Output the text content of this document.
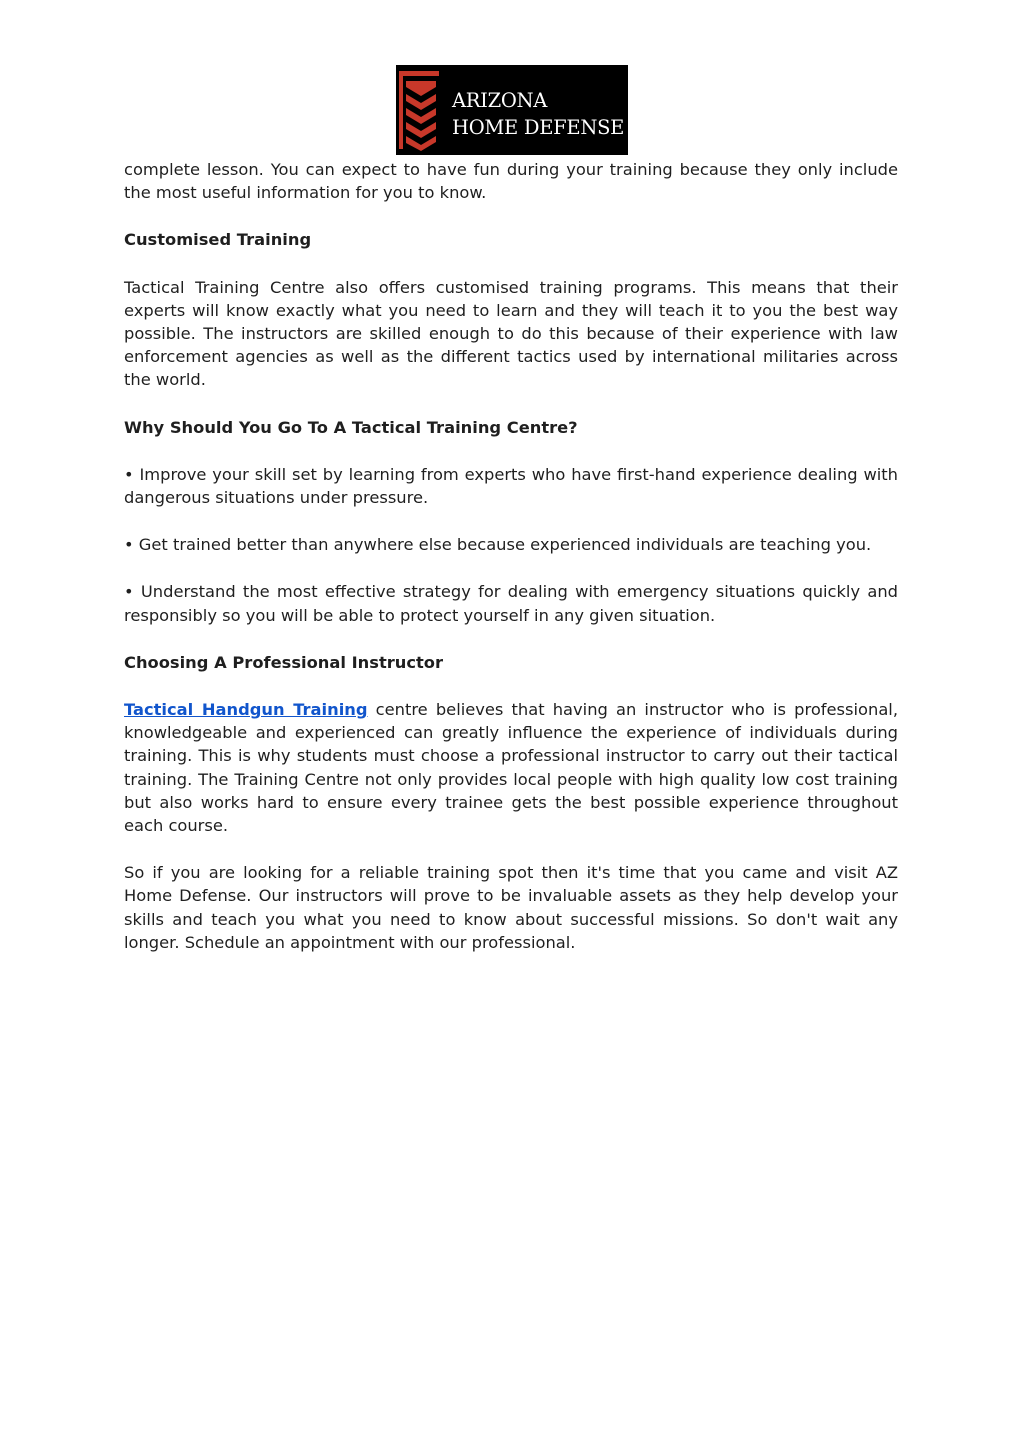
ARIZONA
HOME DEFENSE

complete lesson. You can expect to have fun during your training because they only include the most useful information for you to know.

Customised Training

Tactical Training Centre also offers customised training programs. This means that their experts will know exactly what you need to learn and they will teach it to you the best way possible. The instructors are skilled enough to do this because of their experience with law enforcement agencies as well as the different tactics used by international militaries across the world.

Why Should You Go To A Tactical Training Centre?

• Improve your skill set by learning from experts who have first-hand experience dealing with dangerous situations under pressure.

• Get trained better than anywhere else because experienced individuals are teaching you.

• Understand the most effective strategy for dealing with emergency situations quickly and responsibly so you will be able to protect yourself in any given situation.

Choosing A Professional Instructor

Tactical Handgun Training centre believes that having an instructor who is professional, knowledgeable and experienced can greatly influence the experience of individuals during training. This is why students must choose a professional instructor to carry out their tactical training. The Training Centre not only provides local people with high quality low cost training but also works hard to ensure every trainee gets the best possible experience throughout each course.

So if you are looking for a reliable training spot then it's time that you came and visit AZ Home Defense. Our instructors will prove to be invaluable assets as they help develop your skills and teach you what you need to know about successful missions. So don't wait any longer. Schedule an appointment with our professional.
